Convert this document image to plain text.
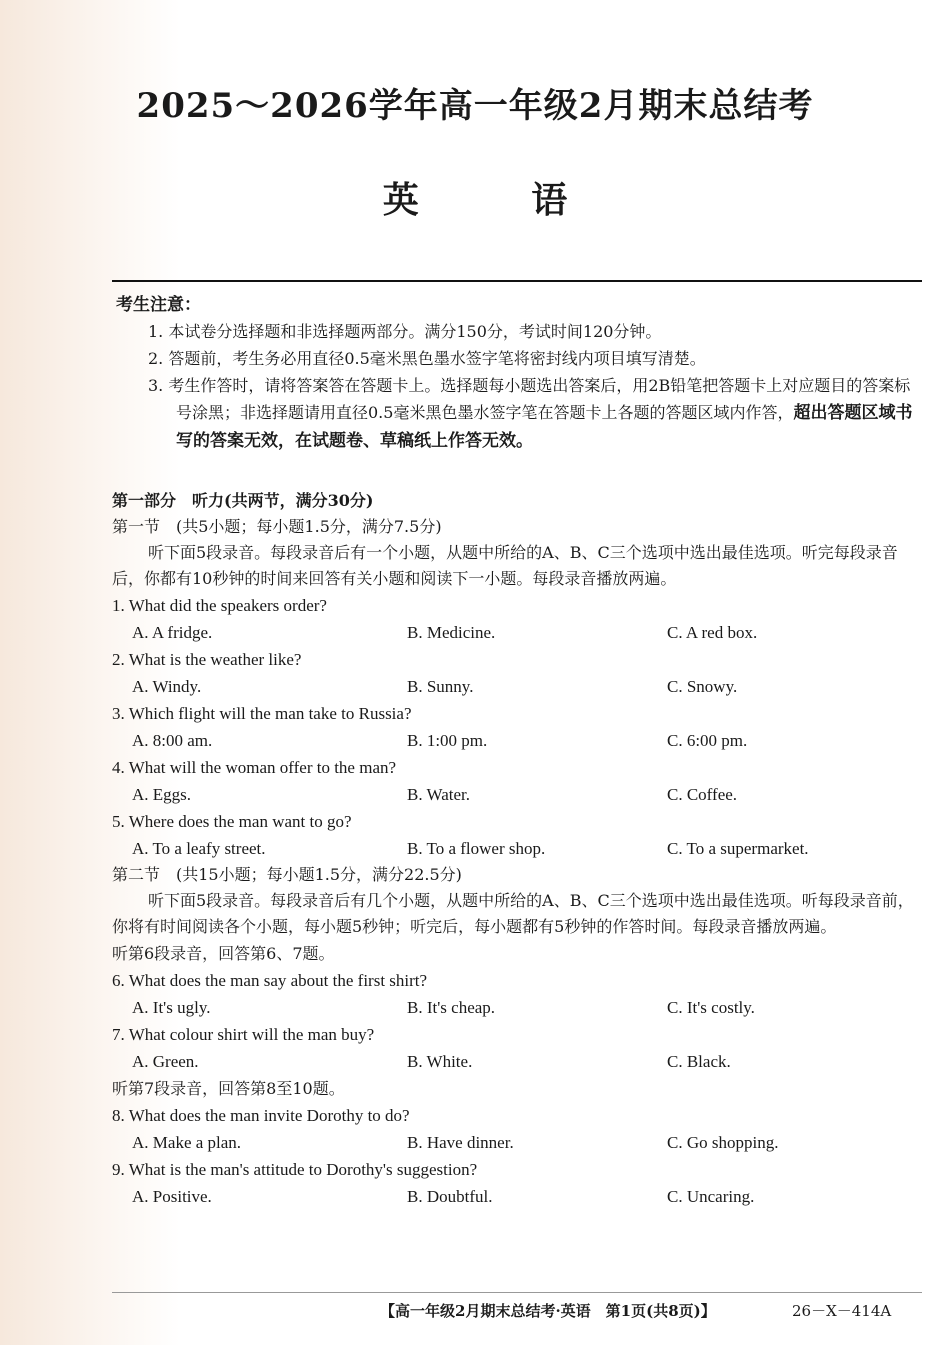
2025～2026学年高一年级2月期末总结考
英 语
考生注意：
1. 本试卷分选择题和非选择题两部分。满分150分，考试时间120分钟。
2. 答题前，考生务必用直径0.5毫米黑色墨水签字笔将密封线内项目填写清楚。
3. 考生作答时，请将答案答在答题卡上。选择题每小题选出答案后，用2B铅笔把答题卡上对应题目的答案标号涂黑；非选择题请用直径0.5毫米黑色墨水签字笔在答题卡上各题的答题区域内作答，超出答题区域书写的答案无效，在试题卷、草稿纸上作答无效。
第一部分　听力(共两节，满分30分)
第一节　(共5小题；每小题1.5分，满分7.5分)
听下面5段录音。每段录音后有一个小题，从题中所给的A、B、C三个选项中选出最佳选项。听完每段录音后，你都有10秒钟的时间来回答有关小题和阅读下一小题。每段录音播放两遍。
1. What did the speakers order?
A. A fridge.	B. Medicine.	C. A red box.
2. What is the weather like?
A. Windy.	B. Sunny.	C. Snowy.
3. Which flight will the man take to Russia?
A. 8:00 am.	B. 1:00 pm.	C. 6:00 pm.
4. What will the woman offer to the man?
A. Eggs.	B. Water.	C. Coffee.
5. Where does the man want to go?
A. To a leafy street.	B. To a flower shop.	C. To a supermarket.
第二节　(共15小题；每小题1.5分，满分22.5分)
听下面5段录音。每段录音后有几个小题，从题中所给的A、B、C三个选项中选出最佳选项。听每段录音前，你将有时间阅读各个小题，每小题5秒钟；听完后，每小题都有5秒钟的作答时间。每段录音播放两遍。
听第6段录音，回答第6、7题。
6. What does the man say about the first shirt?
A. It's ugly.	B. It's cheap.	C. It's costly.
7. What colour shirt will the man buy?
A. Green.	B. White.	C. Black.
听第7段录音，回答第8至10题。
8. What does the man invite Dorothy to do?
A. Make a plan.	B. Have dinner.	C. Go shopping.
9. What is the man's attitude to Dorothy's suggestion?
A. Positive.	B. Doubtful.	C. Uncaring.
【高一年级2月期末总结考·英语　第1页(共8页)】	26－X－414A
